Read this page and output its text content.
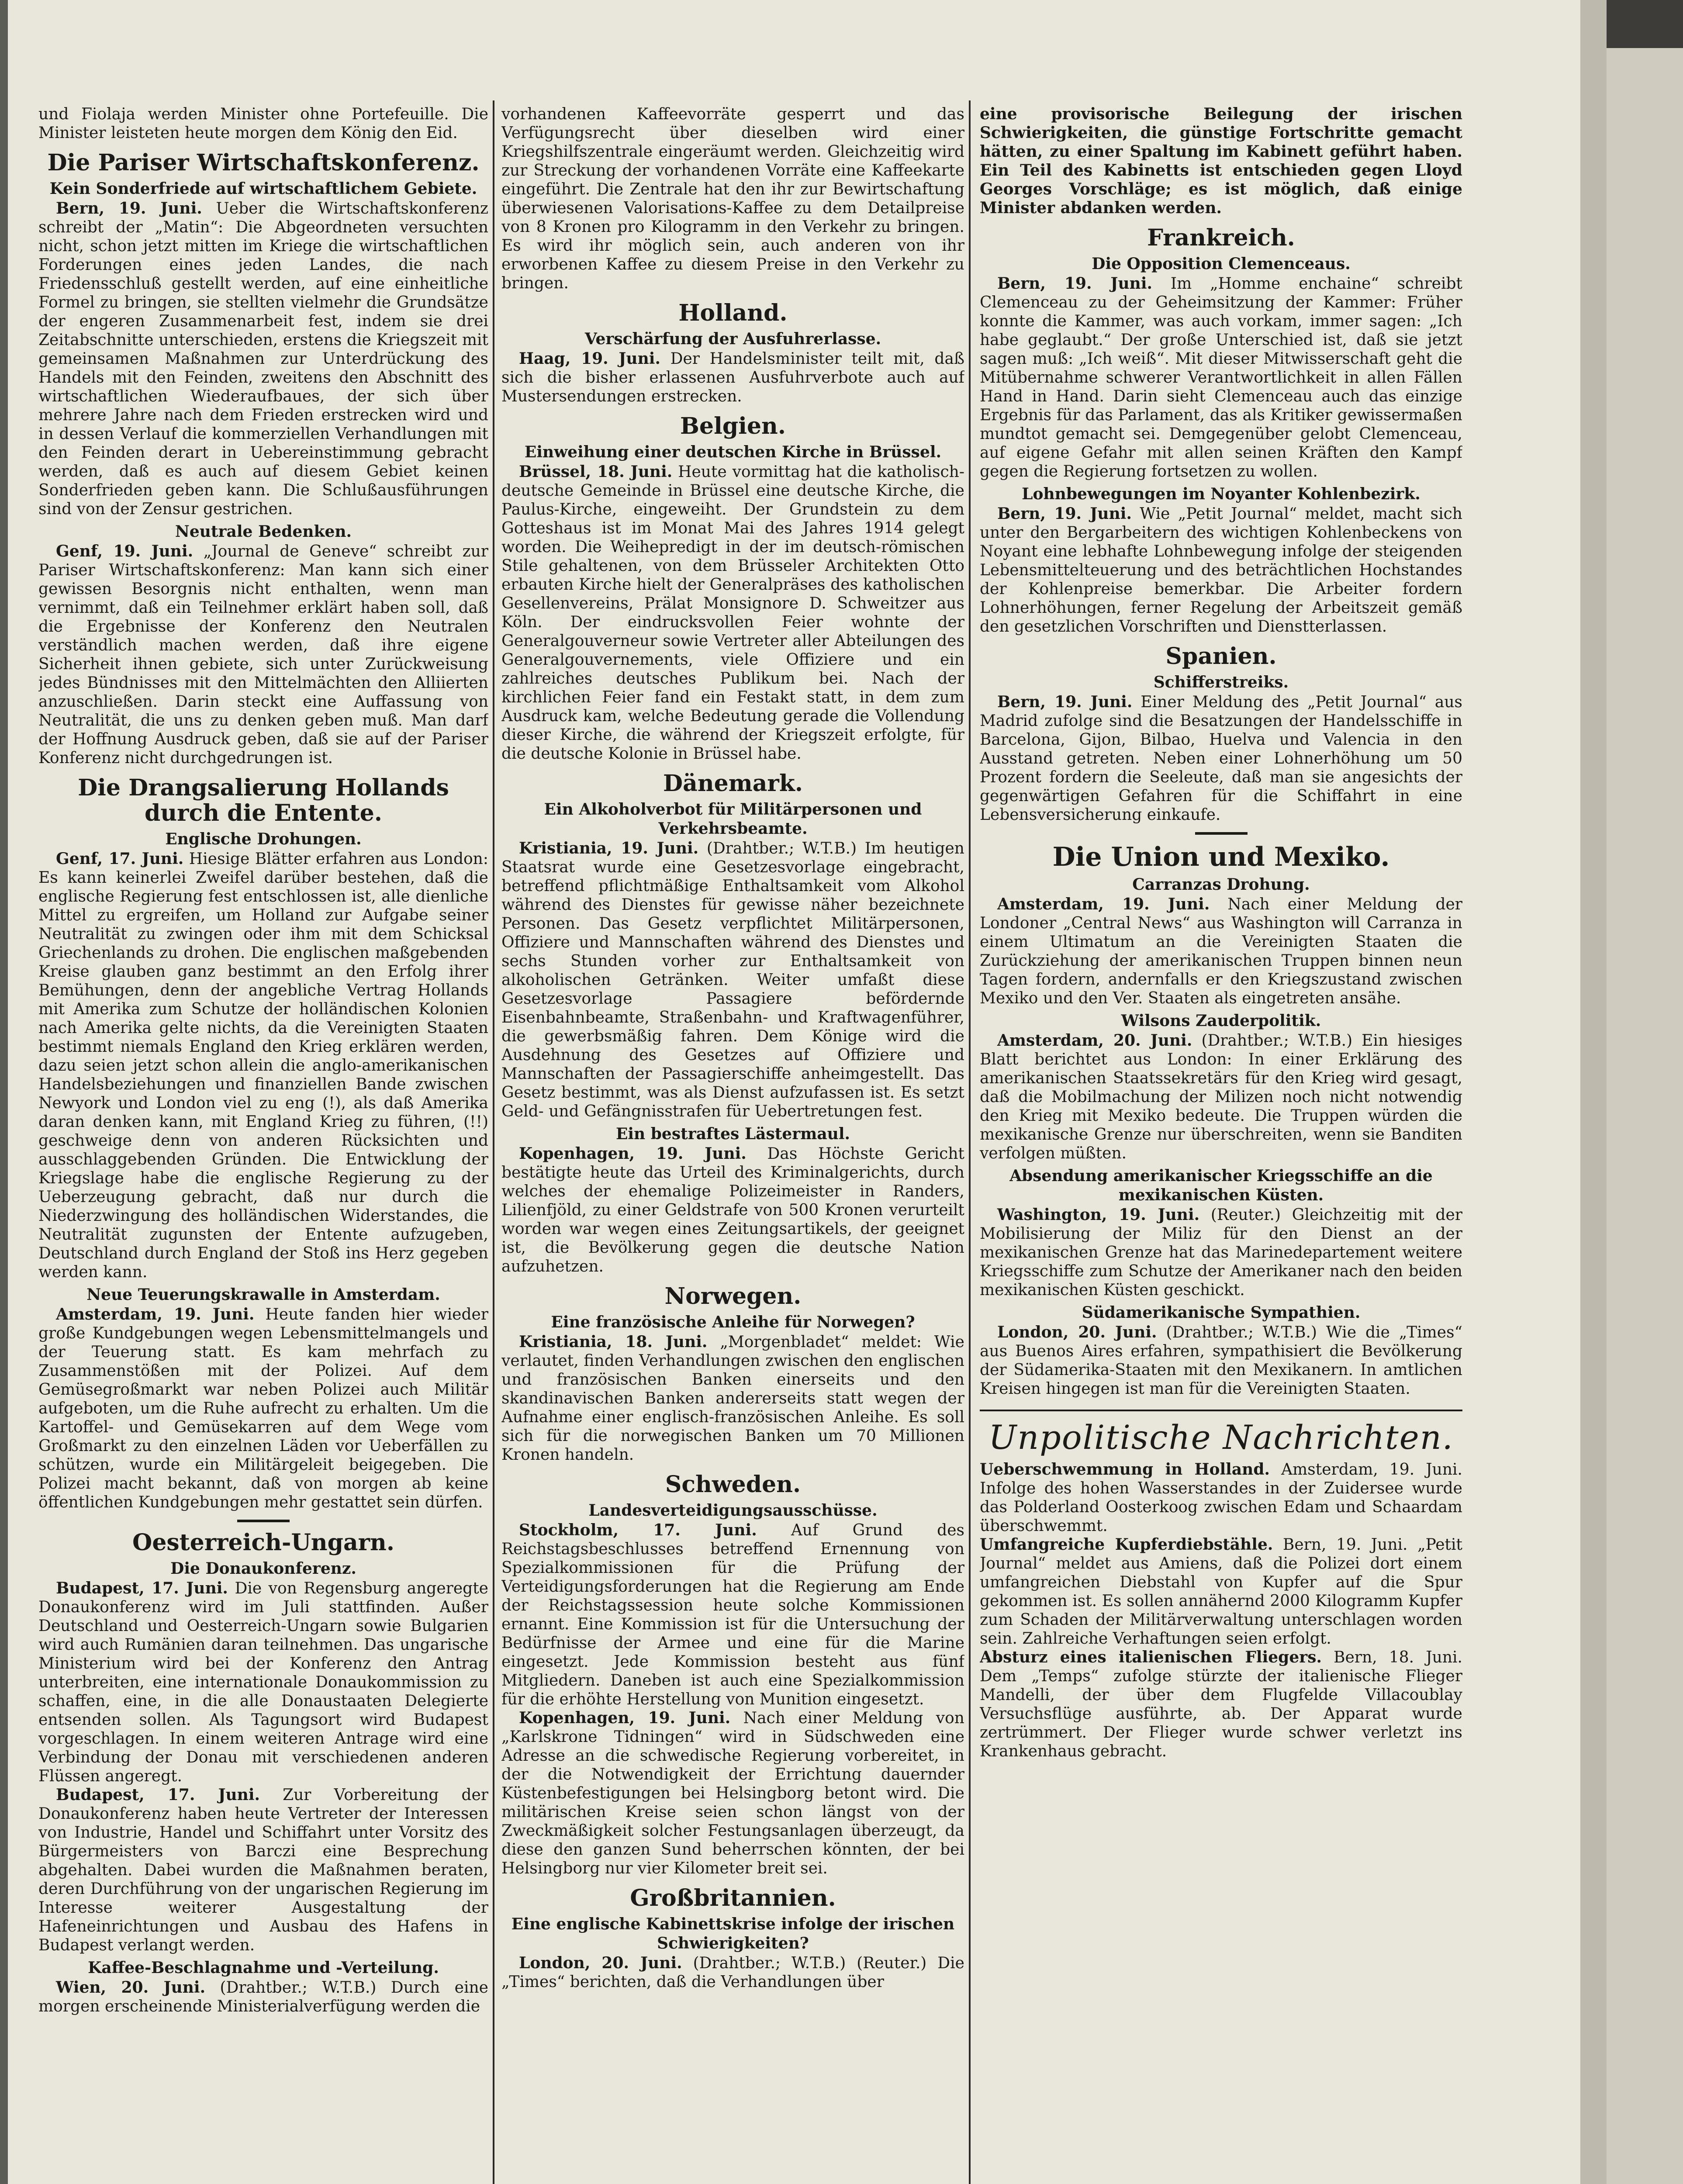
und Fiolaja werden Minister ohne Portefeuille. Die Minister leisteten heute morgen dem König den Eid.

Die Pariser Wirtschaftskonferenz.
Kein Sonderfriede auf wirtschaftlichem Gebiete.

Bern, 19. Juni. Ueber die Wirtschaftskonferenz schreibt der „Matin“: Die Abgeordneten versuchten nicht, schon jetzt mitten im Kriege die wirtschaftlichen Forderungen eines jeden Landes, die nach Friedensschluß gestellt werden, auf eine einheitliche Formel zu bringen, sie stellten vielmehr die Grundsätze der engeren Zusammenarbeit fest, indem sie drei Zeitabschnitte unterschieden, erstens die Kriegszeit mit gemeinsamen Maßnahmen zur Unterdrückung des Handels mit den Feinden, zweitens den Abschnitt des wirtschaftlichen Wiederaufbaues, der sich über mehrere Jahre nach dem Frieden erstrecken wird und in dessen Verlauf die kommerziellen Verhandlungen mit den Feinden derart in Uebereinstimmung gebracht werden, daß es auch auf diesem Gebiet keinen Sonderfrieden geben kann. Die Schlußausführungen sind von der Zensur gestrichen.

Neutrale Bedenken.

Genf, 19. Juni. „Journal de Geneve“ schreibt zur Pariser Wirtschaftskonferenz: Man kann sich einer gewissen Besorgnis nicht enthalten, wenn man vernimmt, daß ein Teilnehmer erklärt haben soll, daß die Ergebnisse der Konferenz den Neutralen verständlich machen werden, daß ihre eigene Sicherheit ihnen gebiete, sich unter Zurückweisung jedes Bündnisses mit den Mittelmächten den Alliierten anzuschließen. Darin steckt eine Auffassung von Neutralität, die uns zu denken geben muß. Man darf der Hoffnung Ausdruck geben, daß sie auf der Pariser Konferenz nicht durchgedrungen ist.

Die Drangsalierung Hollands durch die Entente.
Englische Drohungen.

Genf, 17. Juni. Hiesige Blätter erfahren aus London: Es kann keinerlei Zweifel darüber bestehen, daß die englische Regierung fest entschlossen ist, alle dienliche Mittel zu ergreifen, um Holland zur Aufgabe seiner Neutralität zu zwingen oder ihm mit dem Schicksal Griechenlands zu drohen. Die englischen maßgebenden Kreise glauben ganz bestimmt an den Erfolg ihrer Bemühungen, denn der angebliche Vertrag Hollands mit Amerika zum Schutze der holländischen Kolonien nach Amerika gelte nichts, da die Vereinigten Staaten bestimmt niemals England den Krieg erklären werden, dazu seien jetzt schon allein die anglo-amerikanischen Handelsbeziehungen und finanziellen Bande zwischen Newyork und London viel zu eng (!), als daß Amerika daran denken kann, mit England Krieg zu führen, (!!) geschweige denn von anderen Rücksichten und ausschlaggebenden Gründen. Die Entwicklung der Kriegslage habe die englische Regierung zu der Ueberzeugung gebracht, daß nur durch die Niederzwingung des holländischen Widerstandes, die Neutralität zugunsten der Entente aufzugeben, Deutschland durch England der Stoß ins Herz gegeben werden kann.

Neue Teuerungskrawalle in Amsterdam.

Amsterdam, 19. Juni. Heute fanden hier wieder große Kundgebungen wegen Lebensmittelmangels und der Teuerung statt. Es kam mehrfach zu Zusammenstößen mit der Polizei. Auf dem Gemüsegroßmarkt war neben Polizei auch Militär aufgeboten, um die Ruhe aufrecht zu erhalten. Um die Kartoffel- und Gemüsekarren auf dem Wege vom Großmarkt zu den einzelnen Läden vor Ueberfällen zu schützen, wurde ein Militärgeleit beigegeben. Die Polizei macht bekannt, daß von morgen ab keine öffentlichen Kundgebungen mehr gestattet sein dürfen.

Oesterreich-Ungarn.
Die Donaukonferenz.

Budapest, 17. Juni. Die von Regensburg angeregte Donaukonferenz wird im Juli stattfinden. Außer Deutschland und Oesterreich-Ungarn sowie Bulgarien wird auch Rumänien daran teilnehmen. Das ungarische Ministerium wird bei der Konferenz den Antrag unterbreiten, eine internationale Donaukommission zu schaffen, eine, in die alle Donaustaaten Delegierte entsenden sollen. Als Tagungsort wird Budapest vorgeschlagen. In einem weiteren Antrage wird eine Verbindung der Donau mit verschiedenen anderen Flüssen angeregt.

Budapest, 17. Juni. Zur Vorbereitung der Donaukonferenz haben heute Vertreter der Interessen von Industrie, Handel und Schiffahrt unter Vorsitz des Bürgermeisters von Barczi eine Besprechung abgehalten. Dabei wurden die Maßnahmen beraten, deren Durchführung von der ungarischen Regierung im Interesse weiterer Ausgestaltung der Hafeneinrichtungen und Ausbau des Hafens in Budapest verlangt werden.

Kaffee-Beschlagnahme und -Verteilung.

Wien, 20. Juni. (Drahtber.; W.T.B.) Durch eine morgen erscheinende Ministerialverfügung werden die

vorhandenen Kaffeevorräte gesperrt und das Verfügungsrecht über dieselben wird einer Kriegshilfszentrale eingeräumt werden. Gleichzeitig wird zur Streckung der vorhandenen Vorräte eine Kaffeekarte eingeführt. Die Zentrale hat den ihr zur Bewirtschaftung überwiesenen Valorisations-Kaffee zu dem Detailpreise von 8 Kronen pro Kilogramm in den Verkehr zu bringen. Es wird ihr möglich sein, auch anderen von ihr erworbenen Kaffee zu diesem Preise in den Verkehr zu bringen.

Holland.
Verschärfung der Ausfuhrerlasse.

Haag, 19. Juni. Der Handelsminister teilt mit, daß sich die bisher erlassenen Ausfuhrverbote auch auf Mustersendungen erstrecken.

Belgien.
Einweihung einer deutschen Kirche in Brüssel.

Brüssel, 18. Juni. Heute vormittag hat die katholisch-deutsche Gemeinde in Brüssel eine deutsche Kirche, die Paulus-Kirche, eingeweiht. Der Grundstein zu dem Gotteshaus ist im Monat Mai des Jahres 1914 gelegt worden. Die Weihepredigt in der im deutsch-römischen Stile gehaltenen, von dem Brüsseler Architekten Otto erbauten Kirche hielt der Generalpräses des katholischen Gesellenvereins, Prälat Monsignore D. Schweitzer aus Köln. Der eindrucksvollen Feier wohnte der Generalgouverneur sowie Vertreter aller Abteilungen des Generalgouvernements, viele Offiziere und ein zahlreiches deutsches Publikum bei. Nach der kirchlichen Feier fand ein Festakt statt, in dem zum Ausdruck kam, welche Bedeutung gerade die Vollendung dieser Kirche, die während der Kriegszeit erfolgte, für die deutsche Kolonie in Brüssel habe.

Dänemark.
Ein Alkoholverbot für Militärpersonen und Verkehrsbeamte.

Kristiania, 19. Juni. (Drahtber.; W.T.B.) Im heutigen Staatsrat wurde eine Gesetzesvorlage eingebracht, betreffend pflichtmäßige Enthaltsamkeit vom Alkohol während des Dienstes für gewisse näher bezeichnete Personen. Das Gesetz verpflichtet Militärpersonen, Offiziere und Mannschaften während des Dienstes und sechs Stunden vorher zur Enthaltsamkeit von alkoholischen Getränken. Weiter umfaßt diese Gesetzesvorlage Passagiere befördernde Eisenbahnbeamte, Straßenbahn- und Kraftwagenführer, die gewerbsmäßig fahren. Dem Könige wird die Ausdehnung des Gesetzes auf Offiziere und Mannschaften der Passagierschiffe anheimgestellt. Das Gesetz bestimmt, was als Dienst aufzufassen ist. Es setzt Geld- und Gefängnisstrafen für Uebertretungen fest.

Ein bestraftes Lästermaul.

Kopenhagen, 19. Juni. Das Höchste Gericht bestätigte heute das Urteil des Kriminalgerichts, durch welches der ehemalige Polizeimeister in Randers, Lilienfjöld, zu einer Geldstrafe von 500 Kronen verurteilt worden war wegen eines Zeitungsartikels, der geeignet ist, die Bevölkerung gegen die deutsche Nation aufzuhetzen.

Norwegen.
Eine französische Anleihe für Norwegen?

Kristiania, 18. Juni. „Morgenbladet“ meldet: Wie verlautet, finden Verhandlungen zwischen den englischen und französischen Banken einerseits und den skandinavischen Banken andererseits statt wegen der Aufnahme einer englisch-französischen Anleihe. Es soll sich für die norwegischen Banken um 70 Millionen Kronen handeln.

Schweden.
Landesverteidigungsausschüsse.

Stockholm, 17. Juni. Auf Grund des Reichstagsbeschlusses betreffend Ernennung von Spezialkommissionen für die Prüfung der Verteidigungsforderungen hat die Regierung am Ende der Reichstagssession heute solche Kommissionen ernannt. Eine Kommission ist für die Untersuchung der Bedürfnisse der Armee und eine für die Marine eingesetzt. Jede Kommission besteht aus fünf Mitgliedern. Daneben ist auch eine Spezialkommission für die erhöhte Herstellung von Munition eingesetzt.

Kopenhagen, 19. Juni. Nach einer Meldung von „Karlskrone Tidningen“ wird in Südschweden eine Adresse an die schwedische Regierung vorbereitet, in der die Notwendigkeit der Errichtung dauernder Küstenbefestigungen bei Helsingborg betont wird. Die militärischen Kreise seien schon längst von der Zweckmäßigkeit solcher Festungsanlagen überzeugt, da diese den ganzen Sund beherrschen könnten, der bei Helsingborg nur vier Kilometer breit sei.

Großbritannien.
Eine englische Kabinettskrise infolge der irischen Schwierigkeiten?

London, 20. Juni. (Drahtber.; W.T.B.) (Reuter.) Die „Times“ berichten, daß die Verhandlungen über

eine provisorische Beilegung der irischen Schwierigkeiten, die günstige Fortschritte gemacht hätten, zu einer Spaltung im Kabinett geführt haben. Ein Teil des Kabinetts ist entschieden gegen Lloyd Georges Vorschläge; es ist möglich, daß einige Minister abdanken werden.

Frankreich.
Die Opposition Clemenceaus.

Bern, 19. Juni. Im „Homme enchaine“ schreibt Clemenceau zu der Geheimsitzung der Kammer: Früher konnte die Kammer, was auch vorkam, immer sagen: „Ich habe geglaubt.“ Der große Unterschied ist, daß sie jetzt sagen muß: „Ich weiß“. Mit dieser Mitwisserschaft geht die Mitübernahme schwerer Verantwortlichkeit in allen Fällen Hand in Hand. Darin sieht Clemenceau auch das einzige Ergebnis für das Parlament, das als Kritiker gewissermaßen mundtot gemacht sei. Demgegenüber gelobt Clemenceau, auf eigene Gefahr mit allen seinen Kräften den Kampf gegen die Regierung fortsetzen zu wollen.

Lohnbewegungen im Noyanter Kohlenbezirk.

Bern, 19. Juni. Wie „Petit Journal“ meldet, macht sich unter den Bergarbeitern des wichtigen Kohlenbeckens von Noyant eine lebhafte Lohnbewegung infolge der steigenden Lebensmittelteuerung und des beträchtlichen Hochstandes der Kohlenpreise bemerkbar. Die Arbeiter fordern Lohnerhöhungen, ferner Regelung der Arbeitszeit gemäß den gesetzlichen Vorschriften und Dienstterlassen.

Spanien.
Schifferstreiks.

Bern, 19. Juni. Einer Meldung des „Petit Journal“ aus Madrid zufolge sind die Besatzungen der Handelsschiffe in Barcelona, Gijon, Bilbao, Huelva und Valencia in den Ausstand getreten. Neben einer Lohnerhöhung um 50 Prozent fordern die Seeleute, daß man sie angesichts der gegenwärtigen Gefahren für die Schiffahrt in eine Lebensversicherung einkaufe.

Die Union und Mexiko.
Carranzas Drohung.

Amsterdam, 19. Juni. Nach einer Meldung der Londoner „Central News“ aus Washington will Carranza in einem Ultimatum an die Vereinigten Staaten die Zurückziehung der amerikanischen Truppen binnen neun Tagen fordern, andernfalls er den Kriegszustand zwischen Mexiko und den Ver. Staaten als eingetreten ansähe.

Wilsons Zauderpolitik.

Amsterdam, 20. Juni. (Drahtber.; W.T.B.) Ein hiesiges Blatt berichtet aus London: In einer Erklärung des amerikanischen Staatssekretärs für den Krieg wird gesagt, daß die Mobilmachung der Milizen noch nicht notwendig den Krieg mit Mexiko bedeute. Die Truppen würden die mexikanische Grenze nur überschreiten, wenn sie Banditen verfolgen müßten.

Absendung amerikanischer Kriegsschiffe an die mexikanischen Küsten.

Washington, 19. Juni. (Reuter.) Gleichzeitig mit der Mobilisierung der Miliz für den Dienst an der mexikanischen Grenze hat das Marinedepartement weitere Kriegsschiffe zum Schutze der Amerikaner nach den beiden mexikanischen Küsten geschickt.

Südamerikanische Sympathien.

London, 20. Juni. (Drahtber.; W.T.B.) Wie die „Times“ aus Buenos Aires erfahren, sympathisiert die Bevölkerung der Südamerika-Staaten mit den Mexikanern. In amtlichen Kreisen hingegen ist man für die Vereinigten Staaten.

Unpolitische Nachrichten.

Ueberschwemmung in Holland. Amsterdam, 19. Juni. Infolge des hohen Wasserstandes in der Zuidersee wurde das Polderland Oosterkoog zwischen Edam und Schaardam überschwemmt.

Umfangreiche Kupferdiebstähle. Bern, 19. Juni. „Petit Journal“ meldet aus Amiens, daß die Polizei dort einem umfangreichen Diebstahl von Kupfer auf die Spur gekommen ist. Es sollen annähernd 2000 Kilogramm Kupfer zum Schaden der Militärverwaltung unterschlagen worden sein. Zahlreiche Verhaftungen seien erfolgt.

Absturz eines italienischen Fliegers. Bern, 18. Juni. Dem „Temps“ zufolge stürzte der italienische Flieger Mandelli, der über dem Flugfelde Villacoublay Versuchsflüge ausführte, ab. Der Apparat wurde zertrümmert. Der Flieger wurde schwer verletzt ins Krankenhaus gebracht.
